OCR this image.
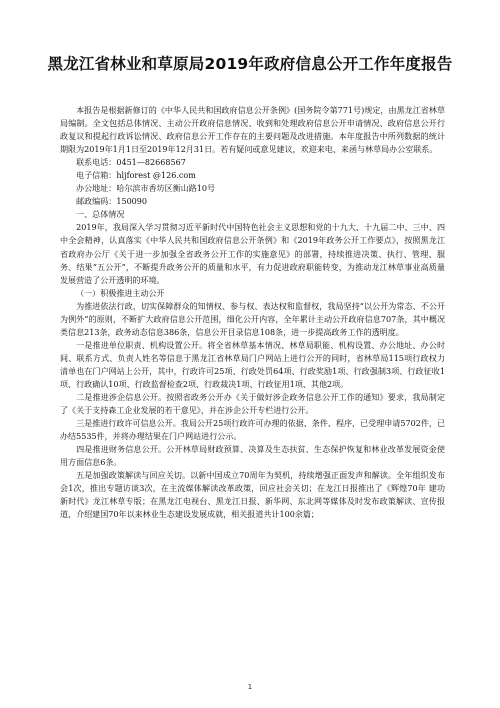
黑龙江省林业和草原局2019年政府信息公开工作年度报告

本报告是根据新修订的《中华人民共和国政府信息公开条例》(国务院令第771号)规定，由黑龙江省林草局编制。全文包括总体情况、主动公开政府信息情况、收到和处理政府信息公开申请情况、政府信息公开行政复议和提起行政诉讼情况、政府信息公开工作存在的主要问题及改进措施。本年度报告中所列数据的统计期限为2019年1月1日至2019年12月31日。若有疑问或意见建议，欢迎来电、来函与林草局办公室联系。

联系电话：0451—82668567

电子信箱：hljforest @126.com

办公地址：哈尔滨市香坊区衡山路10号

邮政编码：150090

一、总体情况

2019年，我局深入学习贯彻习近平新时代中国特色社会主义思想和党的十九大、十九届二中、三中、四中全会精神，认真落实《中华人民共和国政府信息公开条例》和《2019年政务公开工作要点》，按照黑龙江省政府办公厅《关于进一步加强全省政务公开工作的实施意见》的部署，持续推进决策、执行、管理、服务、结果“五公开”，不断提升政务公开的质量和水平，有力促进政府职能转变，为推动龙江林草事业高质量发展营造了公开透明的环境。

（一）积极推进主动公开

为推进依法行政，切实保障群众的知情权、参与权、表达权和监督权，我局坚持“以公开为常态、不公开为例外”的原则，不断扩大政府信息公开范围，细化公开内容，全年累计主动公开政府信息707条，其中概况类信息213条，政务动态信息386条，信息公开目录信息108条，进一步提高政务工作的透明度。

一是推进单位职责、机构设置公开。将全省林草基本情况、林草局职能、机构设置、办公地址、办公时间、联系方式、负责人姓名等信息于黑龙江省林草局门户网站上进行公开的同时，省林草局115项行政权力清单也在门户网站上公开，其中，行政许可25项、行政处罚64项、行政奖励1项、行政强制3项、行政征收1项、行政确认10项、行政监督检查2项、行政裁决1项、行政征用1项、其他2项。

二是推进涉企信息公开。按照省政务公开办《关于做好涉企政务信息公开工作的通知》要求，我局制定了《关于支持森工企业发展的若干意见》，并在涉企公开专栏进行公开。

三是推进行政许可信息公开。我局公开25项行政许可办理的依据、条件、程序，已受理申请5702件，已办结5535件，并将办理结果在门户网站进行公示。

四是推进财务信息公开。公开林草局财政预算、决算及生态扶贫、生态保护恢复和林业改革发展资金使用方面信息6条。

五是加强政策解读与回应关切。以新中国成立70周年为契机，持续增强正面发声和解读。全年组织发布会1次，推出专题访谈3次，在主流媒体解读改革政策，回应社会关切；在龙江日报推出了《辉煌70年 建功新时代》龙江林草专版；在黑龙江电视台、黑龙江日报、新华网、东北网等媒体及时发布政策解读、宣传报道，介绍建国70年以来林业生态建设发展成就，相关报道共计100余篇；

1
